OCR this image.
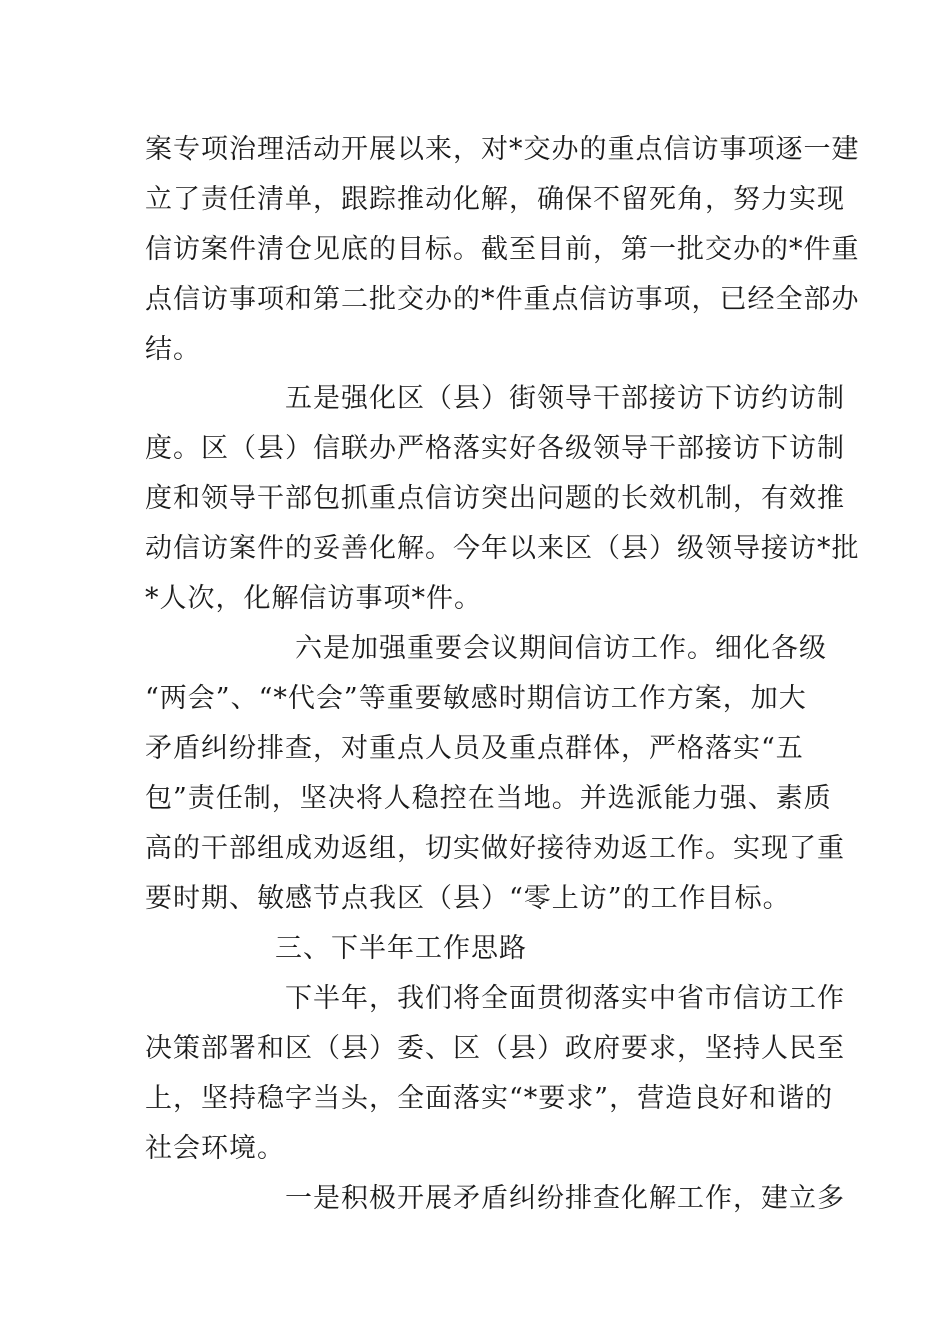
案专项治理活动开展以来，对*交办的重点信访事项逐一建
立了责任清单，跟踪推动化解，确保不留死角，努力实现
信访案件清仓见底的目标。截至目前，第一批交办的*件重
点信访事项和第二批交办的*件重点信访事项，已经全部办
结。
五是强化区（县）街领导干部接访下访约访制
度。区（县）信联办严格落实好各级领导干部接访下访制
度和领导干部包抓重点信访突出问题的长效机制，有效推
动信访案件的妥善化解。今年以来区（县）级领导接访*批
*人次，化解信访事项*件。
六是加强重要会议期间信访工作。细化各级
“两会”、“*代会”等重要敏感时期信访工作方案，加大
矛盾纠纷排查，对重点人员及重点群体，严格落实“五
包”责任制，坚决将人稳控在当地。并选派能力强、素质
高的干部组成劝返组，切实做好接待劝返工作。实现了重
要时期、敏感节点我区（县）“零上访”的工作目标。
三、下半年工作思路
下半年，我们将全面贯彻落实中省市信访工作
决策部署和区（县）委、区（县）政府要求，坚持人民至
上，坚持稳字当头，全面落实“*要求”，营造良好和谐的
社会环境。
一是积极开展矛盾纠纷排查化解工作，建立多
